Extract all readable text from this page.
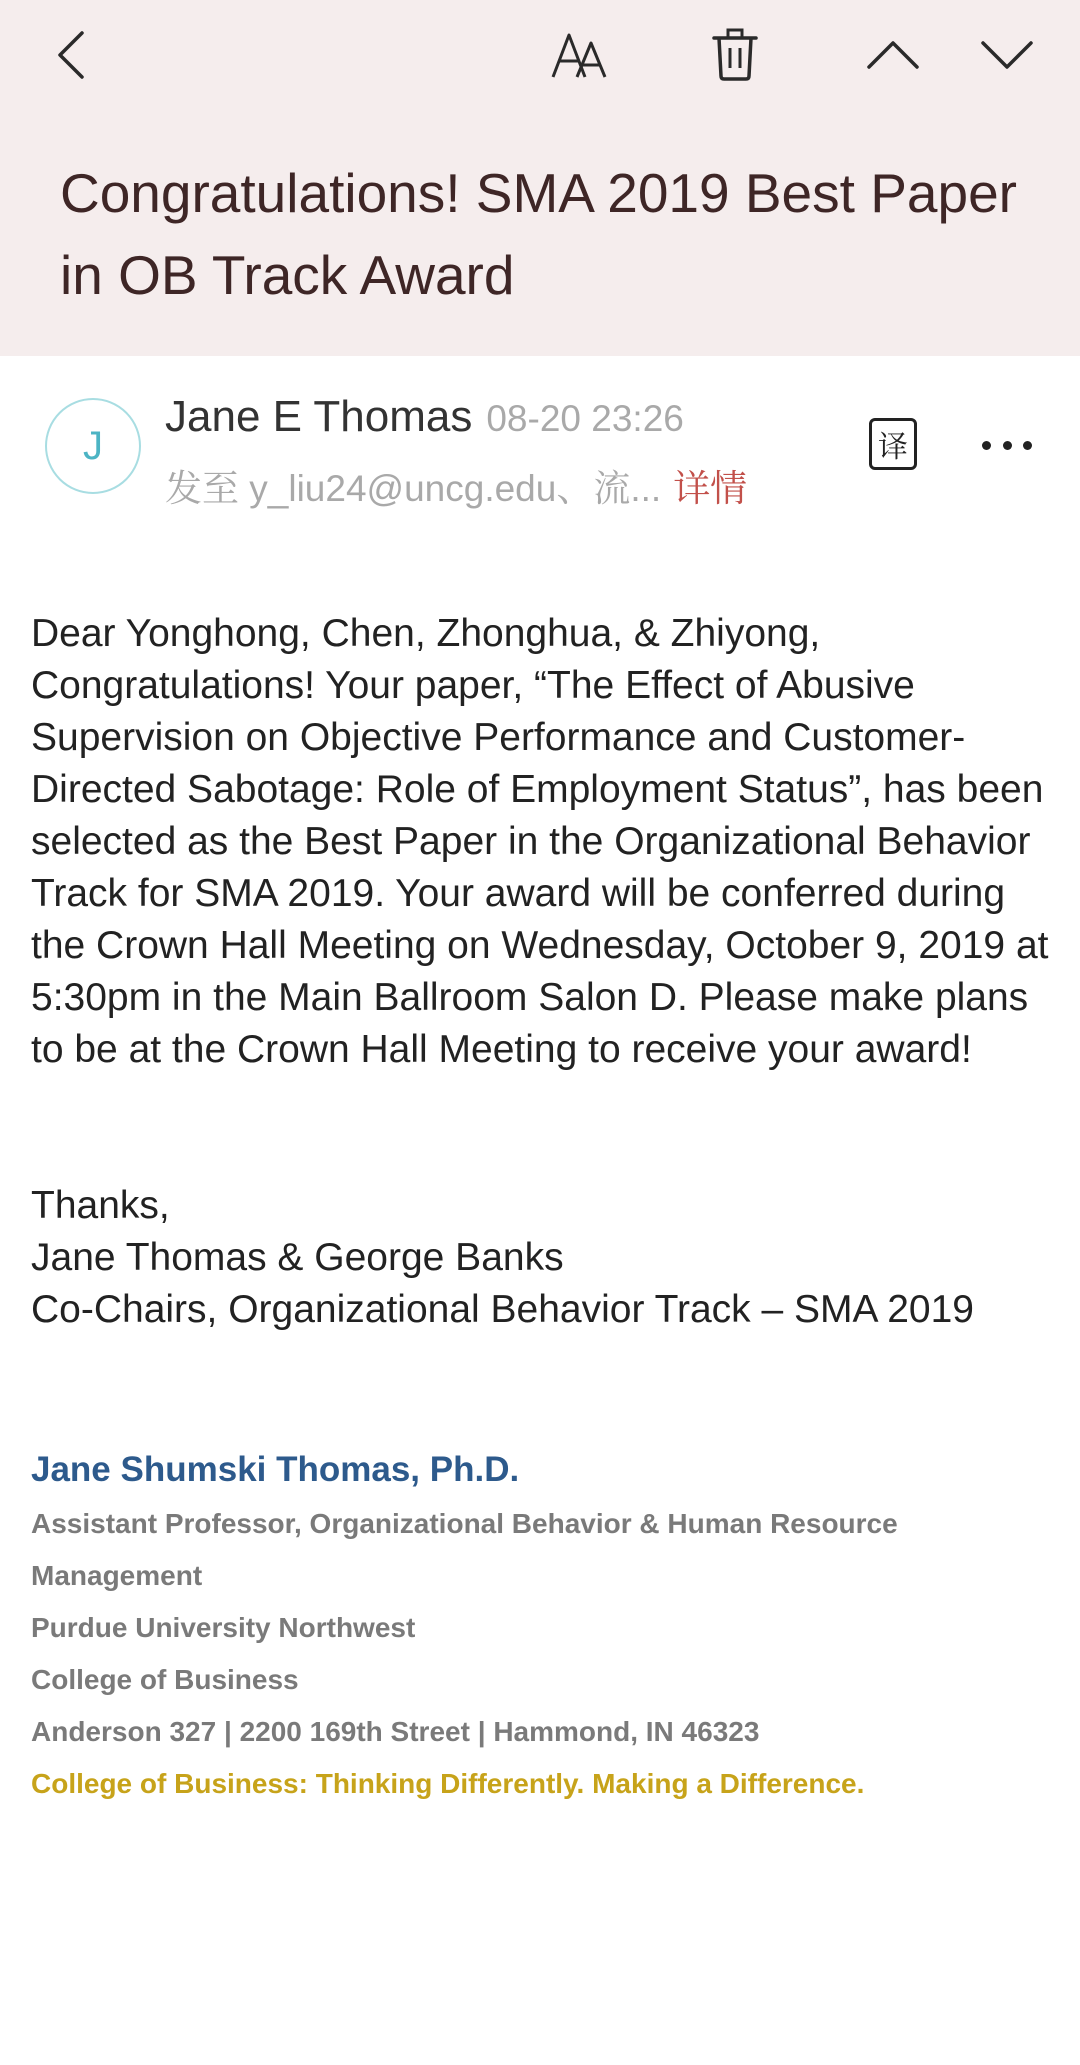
Congratulations! SMA 2019 Best Paper in OB Track Award
J
Jane E Thomas 08-20 23:26
发至 y_liu24@uncg.edu、流... 详情
译

Dear Yonghong, Chen, Zhonghua, & Zhiyong,

Congratulations! Your paper, “The Effect of Abusive Supervision on Objective Performance and Customer-Directed Sabotage: Role of Employment Status”, has been selected as the Best Paper in the Organizational Behavior Track for SMA 2019. Your award will be conferred during the Crown Hall Meeting on Wednesday, October 9, 2019 at 5:30pm in the Main Ballroom Salon D. Please make plans to be at the Crown Hall Meeting to receive your award!

Thanks,
Jane Thomas & George Banks
Co-Chairs, Organizational Behavior Track – SMA 2019
Jane Shumski Thomas, Ph.D.
Assistant Professor, Organizational Behavior & Human Resource Management
Purdue University Northwest
College of Business
Anderson 327 | 2200 169th Street | Hammond, IN 46323
College of Business: Thinking Differently. Making a Difference.
